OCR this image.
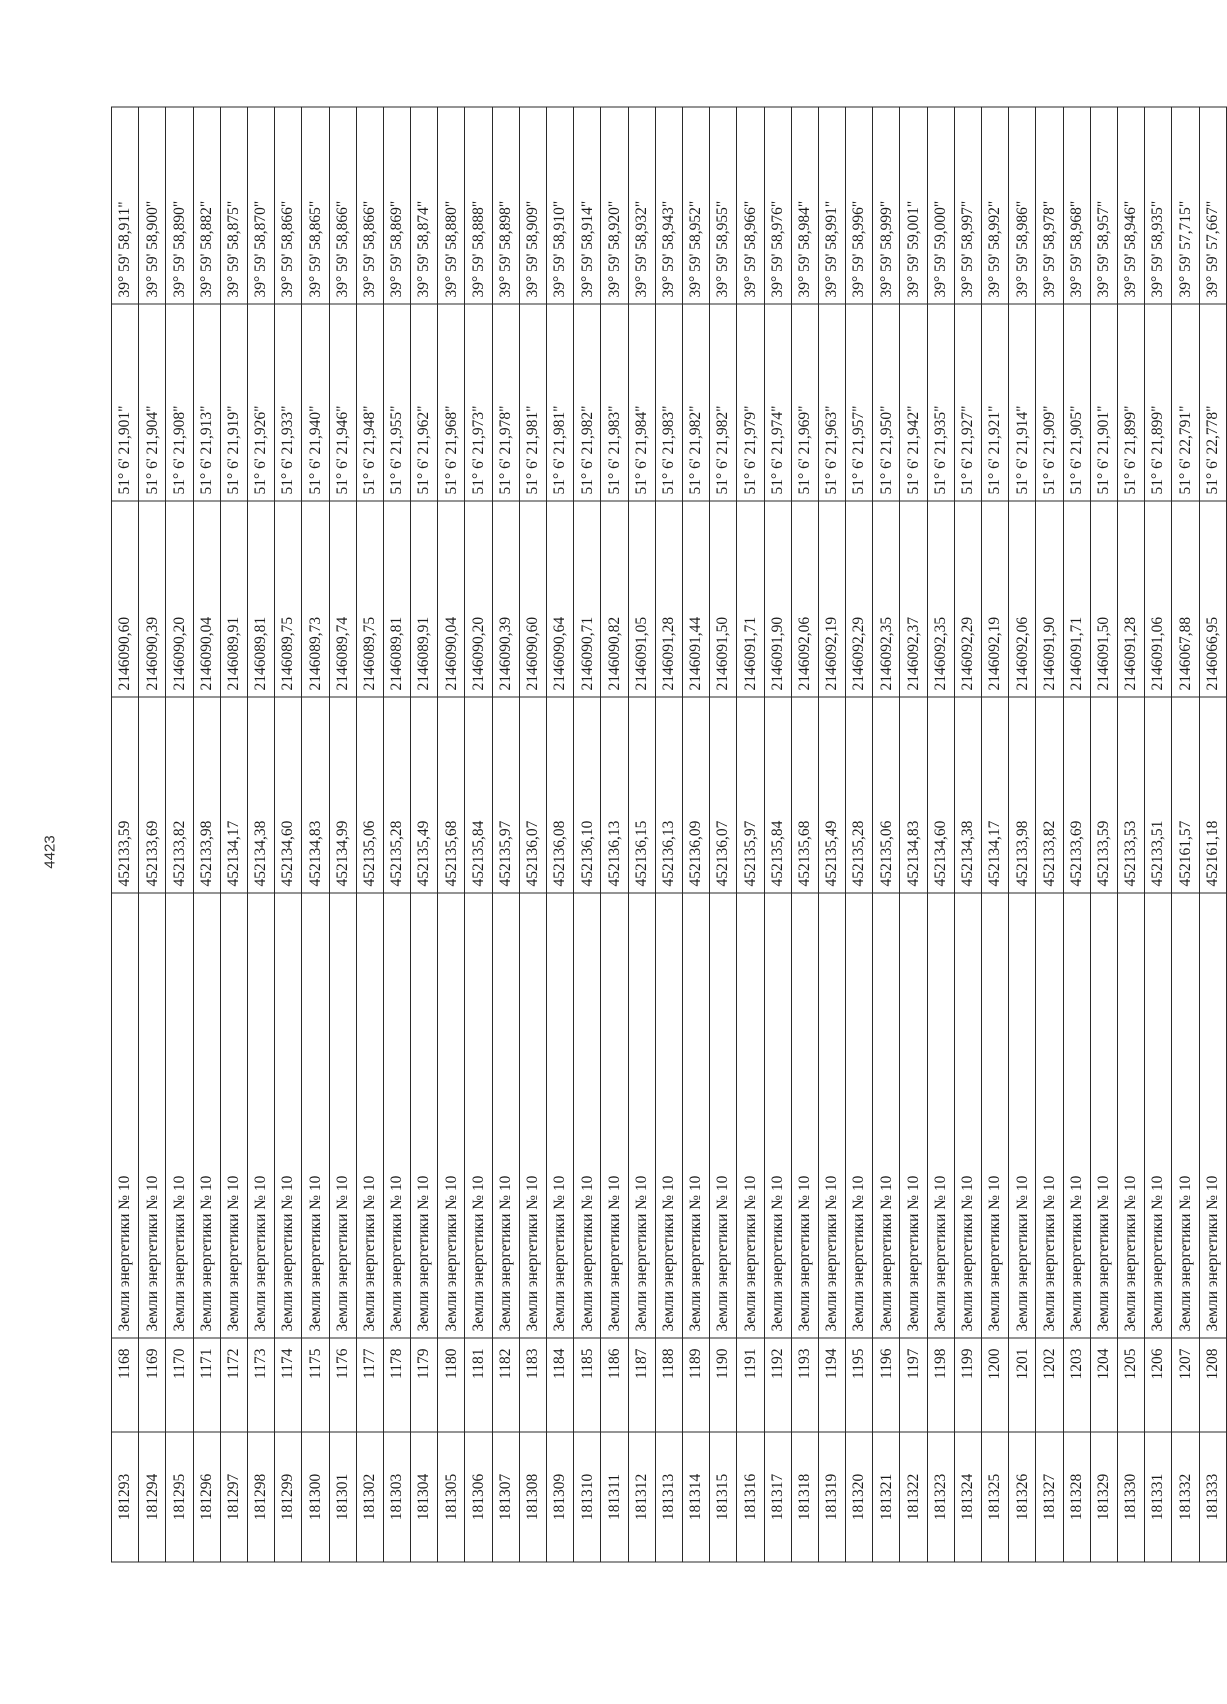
4423
181293	1168	Земли энергетики № 10	452133,59	2146090,60	51° 6' 21,901"	39° 59' 58,911"
181294	1169	Земли энергетики № 10	452133,69	2146090,39	51° 6' 21,904"	39° 59' 58,900"
181295	1170	Земли энергетики № 10	452133,82	2146090,20	51° 6' 21,908"	39° 59' 58,890"
181296	1171	Земли энергетики № 10	452133,98	2146090,04	51° 6' 21,913"	39° 59' 58,882"
181297	1172	Земли энергетики № 10	452134,17	2146089,91	51° 6' 21,919"	39° 59' 58,875"
181298	1173	Земли энергетики № 10	452134,38	2146089,81	51° 6' 21,926"	39° 59' 58,870"
181299	1174	Земли энергетики № 10	452134,60	2146089,75	51° 6' 21,933"	39° 59' 58,866"
181300	1175	Земли энергетики № 10	452134,83	2146089,73	51° 6' 21,940"	39° 59' 58,865"
181301	1176	Земли энергетики № 10	452134,99	2146089,74	51° 6' 21,946"	39° 59' 58,866"
181302	1177	Земли энергетики № 10	452135,06	2146089,75	51° 6' 21,948"	39° 59' 58,866"
181303	1178	Земли энергетики № 10	452135,28	2146089,81	51° 6' 21,955"	39° 59' 58,869"
181304	1179	Земли энергетики № 10	452135,49	2146089,91	51° 6' 21,962"	39° 59' 58,874"
181305	1180	Земли энергетики № 10	452135,68	2146090,04	51° 6' 21,968"	39° 59' 58,880"
181306	1181	Земли энергетики № 10	452135,84	2146090,20	51° 6' 21,973"	39° 59' 58,888"
181307	1182	Земли энергетики № 10	452135,97	2146090,39	51° 6' 21,978"	39° 59' 58,898"
181308	1183	Земли энергетики № 10	452136,07	2146090,60	51° 6' 21,981"	39° 59' 58,909"
181309	1184	Земли энергетики № 10	452136,08	2146090,64	51° 6' 21,981"	39° 59' 58,910"
181310	1185	Земли энергетики № 10	452136,10	2146090,71	51° 6' 21,982"	39° 59' 58,914"
181311	1186	Земли энергетики № 10	452136,13	2146090,82	51° 6' 21,983"	39° 59' 58,920"
181312	1187	Земли энергетики № 10	452136,15	2146091,05	51° 6' 21,984"	39° 59' 58,932"
181313	1188	Земли энергетики № 10	452136,13	2146091,28	51° 6' 21,983"	39° 59' 58,943"
181314	1189	Земли энергетики № 10	452136,09	2146091,44	51° 6' 21,982"	39° 59' 58,952"
181315	1190	Земли энергетики № 10	452136,07	2146091,50	51° 6' 21,982"	39° 59' 58,955"
181316	1191	Земли энергетики № 10	452135,97	2146091,71	51° 6' 21,979"	39° 59' 58,966"
181317	1192	Земли энергетики № 10	452135,84	2146091,90	51° 6' 21,974"	39° 59' 58,976"
181318	1193	Земли энергетики № 10	452135,68	2146092,06	51° 6' 21,969"	39° 59' 58,984"
181319	1194	Земли энергетики № 10	452135,49	2146092,19	51° 6' 21,963"	39° 59' 58,991"
181320	1195	Земли энергетики № 10	452135,28	2146092,29	51° 6' 21,957"	39° 59' 58,996"
181321	1196	Земли энергетики № 10	452135,06	2146092,35	51° 6' 21,950"	39° 59' 58,999"
181322	1197	Земли энергетики № 10	452134,83	2146092,37	51° 6' 21,942"	39° 59' 59,001"
181323	1198	Земли энергетики № 10	452134,60	2146092,35	51° 6' 21,935"	39° 59' 59,000"
181324	1199	Земли энергетики № 10	452134,38	2146092,29	51° 6' 21,927"	39° 59' 58,997"
181325	1200	Земли энергетики № 10	452134,17	2146092,19	51° 6' 21,921"	39° 59' 58,992"
181326	1201	Земли энергетики № 10	452133,98	2146092,06	51° 6' 21,914"	39° 59' 58,986"
181327	1202	Земли энергетики № 10	452133,82	2146091,90	51° 6' 21,909"	39° 59' 58,978"
181328	1203	Земли энергетики № 10	452133,69	2146091,71	51° 6' 21,905"	39° 59' 58,968"
181329	1204	Земли энергетики № 10	452133,59	2146091,50	51° 6' 21,901"	39° 59' 58,957"
181330	1205	Земли энергетики № 10	452133,53	2146091,28	51° 6' 21,899"	39° 59' 58,946"
181331	1206	Земли энергетики № 10	452133,51	2146091,06	51° 6' 21,899"	39° 59' 58,935"
181332	1207	Земли энергетики № 10	452161,57	2146067,88	51° 6' 22,791"	39° 59' 57,715"
181333	1208	Земли энергетики № 10	452161,18	2146066,95	51° 6' 22,778"	39° 59' 57,667"
